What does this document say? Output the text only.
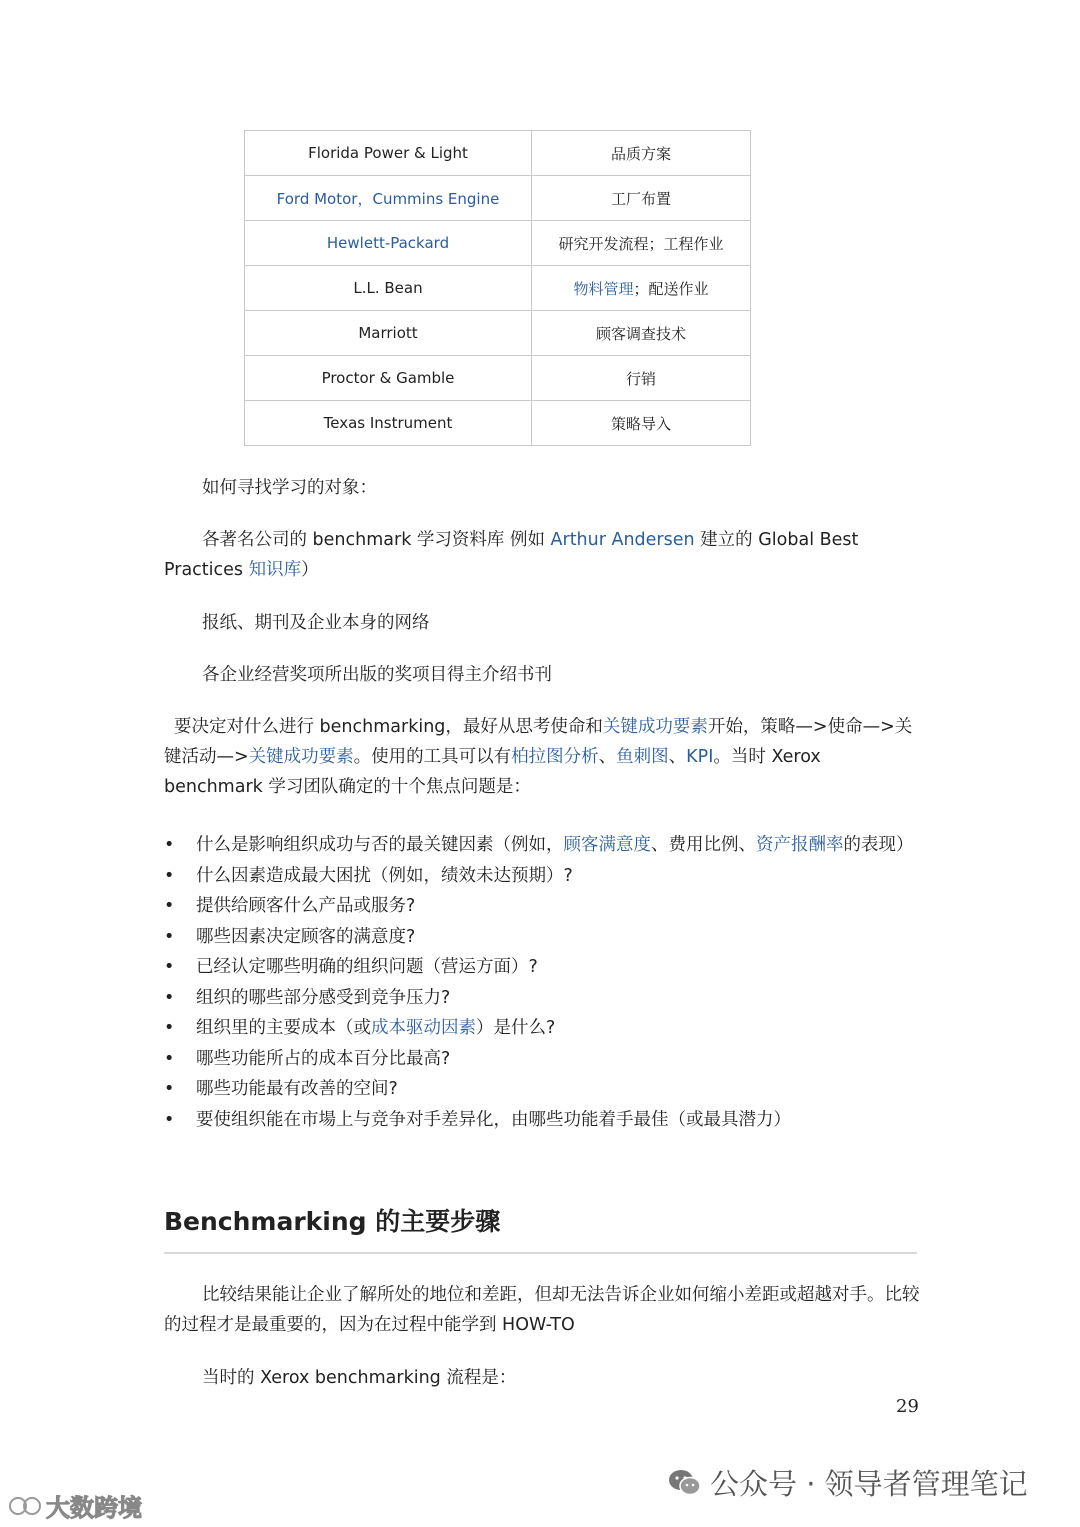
Florida Power & Light	品质方案
Ford Motor，Cummins Engine	工厂布置
Hewlett-Packard	研究开发流程；工程作业
L.L. Bean	物料管理；配送作业
Marriott	顾客调查技术
Proctor & Gamble	行销
Texas Instrument	策略导入
如何寻找学习的对象：
各著名公司的 benchmark 学习资料库 例如 Arthur Andersen 建立的 Global Best Practices 知识库）
报纸、期刊及企业本身的网络
各企业经营奖项所出版的奖项目得主介绍书刊
要决定对什么进行 benchmarking，最好从思考使命和关键成功要素开始，策略—>使命—>关键活动—>关键成功要素。使用的工具可以有柏拉图分析、鱼刺图、KPI。当时 Xerox benchmark 学习团队确定的十个焦点问题是：
• 什么是影响组织成功与否的最关键因素（例如，顾客满意度、费用比例、资产报酬率的表现）
• 什么因素造成最大困扰（例如，绩效未达预期）?
• 提供给顾客什么产品或服务?
• 哪些因素决定顾客的满意度?
• 已经认定哪些明确的组织问题（营运方面）?
• 组织的哪些部分感受到竞争压力?
• 组织里的主要成本（或成本驱动因素）是什么?
• 哪些功能所占的成本百分比最高?
• 哪些功能最有改善的空间?
• 要使组织能在市場上与竞争对手差异化，由哪些功能着手最佳（或最具潜力）
Benchmarking 的主要步骤
比较结果能让企业了解所处的地位和差距，但却无法告诉企业如何缩小差距或超越对手。比较的过程才是最重要的，因为在过程中能学到 HOW-TO
当时的 Xerox benchmarking 流程是：
29
公众号 · 领导者管理笔记
大数跨境
